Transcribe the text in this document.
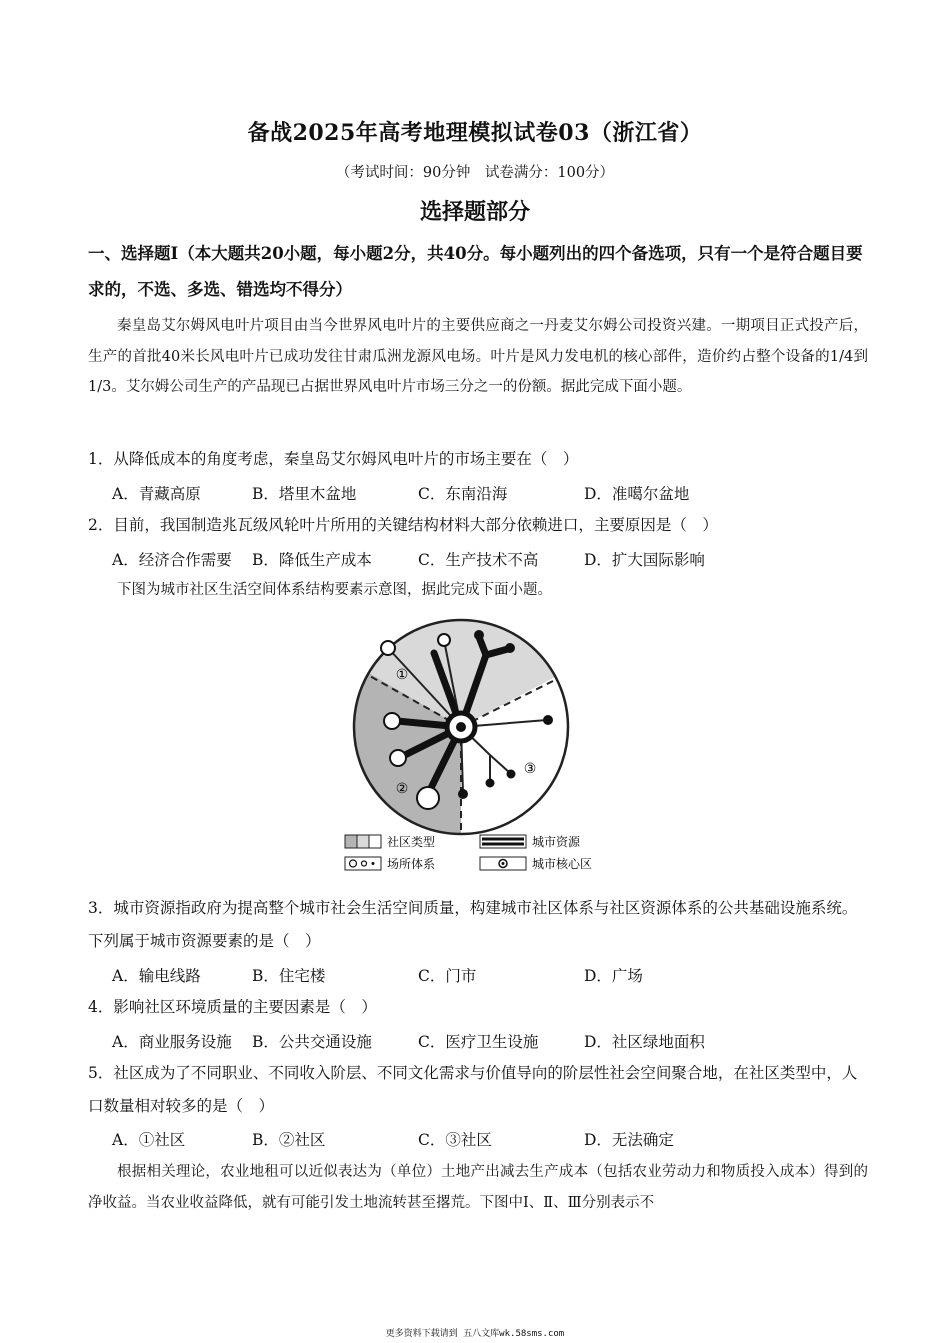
备战2025年高考地理模拟试卷03（浙江省）
（考试时间：90分钟　试卷满分：100分）
选择题部分
一、选择题Ⅰ（本大题共20小题，每小题2分，共40分。每小题列出的四个备选项，只有一个是符合题目要求的，不选、多选、错选均不得分）
秦皇岛艾尔姆风电叶片项目由当今世界风电叶片的主要供应商之一丹麦艾尔姆公司投资兴建。一期项目正式投产后，生产的首批40米长风电叶片已成功发往甘肃瓜洲龙源风电场。叶片是风力发电机的核心部件，造价约占整个设备的1/4到1/3。艾尔姆公司生产的产品现已占据世界风电叶片市场三分之一的份额。据此完成下面小题。
1．从降低成本的角度考虑，秦皇岛艾尔姆风电叶片的市场主要在（　）
A．青藏高原	B．塔里木盆地	C．东南沿海	D．准噶尔盆地
2．目前，我国制造兆瓦级风轮叶片所用的关键结构材料大部分依赖进口，主要原因是（　）
A．经济合作需要 B．降低生产成本	C．生产技术不高	D．扩大国际影响
下图为城市社区生活空间体系结构要素示意图，据此完成下面小题。
①
②
③
社区类型	城市资源
场所体系	城市核心区
3．城市资源指政府为提高整个城市社会生活空间质量，构建城市社区体系与社区资源体系的公共基础设施系统。下列属于城市资源要素的是（　）
A．输电线路	B．住宅楼	C．门市	D．广场
4．影响社区环境质量的主要因素是（　）
A．商业服务设施 B．公共交通设施	C．医疗卫生设施	D．社区绿地面积
5．社区成为了不同职业、不同收入阶层、不同文化需求与价值导向的阶层性社会空间聚合地，在社区类型中，人口数量相对较多的是（　）
A．①社区	B．②社区	C．③社区	D．无法确定
根据相关理论，农业地租可以近似表达为（单位）土地产出减去生产成本（包括农业劳动力和物质投入成本）得到的净收益。当农业收益降低，就有可能引发土地流转甚至撂荒。下图中Ⅰ、Ⅱ、Ⅲ分别表示不
更多资料下载请到 五八文库wk.58sms.com
